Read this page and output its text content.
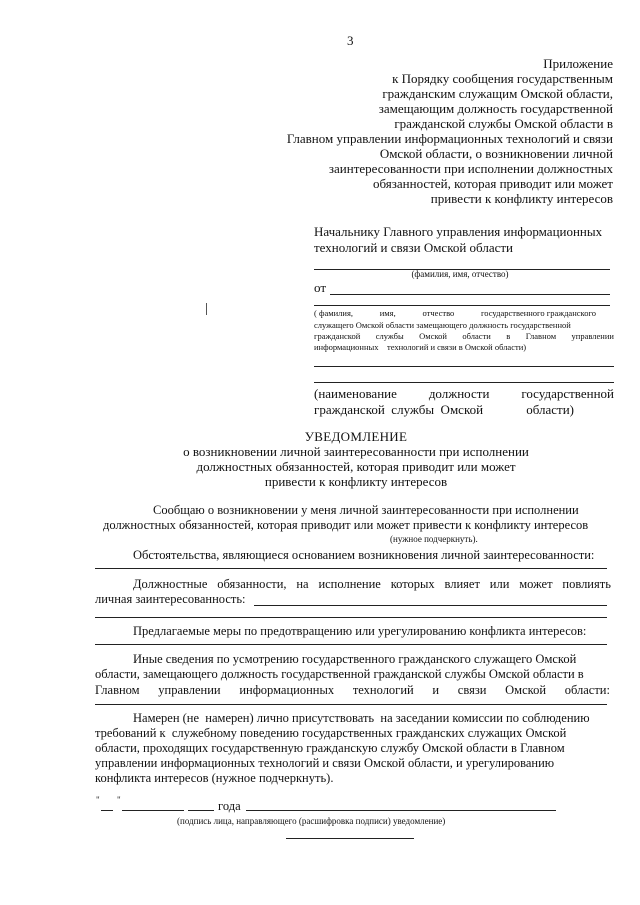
3
Приложение
к Порядку сообщения государственным
гражданским служащим Омской области,
замещающим должность государственной
гражданской службы Омской области в
Главном управлении информационных технологий и связи
Омской области, о возникновении личной
заинтересованности при исполнении должностных
обязанностей, которая приводит или может
привести к конфликту интересов
Начальнику Главного управления информационных
технологий и связи Омской области
(фамилия, имя, отчество)
от
( фамилия,	имя,	отчество	государственного гражданского
служащего Омской области замещающего должность государственной
гражданской службы Омской области в Главном управлении
информационных    технологий и связи в Омской области)
(наименование должности государственной
гражданской  службы  Омской	области)
УВЕДОМЛЕНИЕ
о возникновении личной заинтересованности при исполнении
должностных обязанностей, которая приводит или может
привести к конфликту интересов
Сообщаю о возникновении у меня личной заинтересованности при исполнении
должностных обязанностей, которая приводит или может привести к конфликту интересов
(нужное подчеркнуть).
Обстоятельства, являющиеся основанием возникновения личной заинтересованности:
Должностные обязанности, на исполнение которых влияет или может повлиять
личная заинтересованность:
Предлагаемые меры по предотвращению или урегулированию конфликта интересов:
Иные сведения по усмотрению государственного гражданского служащего Омской
области, замещающего должность государственной гражданской службы Омской области в
Главном управлении информационных технологий и связи Омской области:
Намерен (не  намерен) лично присутствовать  на заседании комиссии по соблюдению
требований к  служебному поведению государственных гражданских служащих Омской
области, проходящих государственную гражданскую службу Омской области в Главном
управлении информационных технологий и связи Омской области, и урегулированию
конфликта интересов (нужное подчеркнуть).
" "	года
(подпись лица, направляющего (расшифровка подписи) уведомление)
